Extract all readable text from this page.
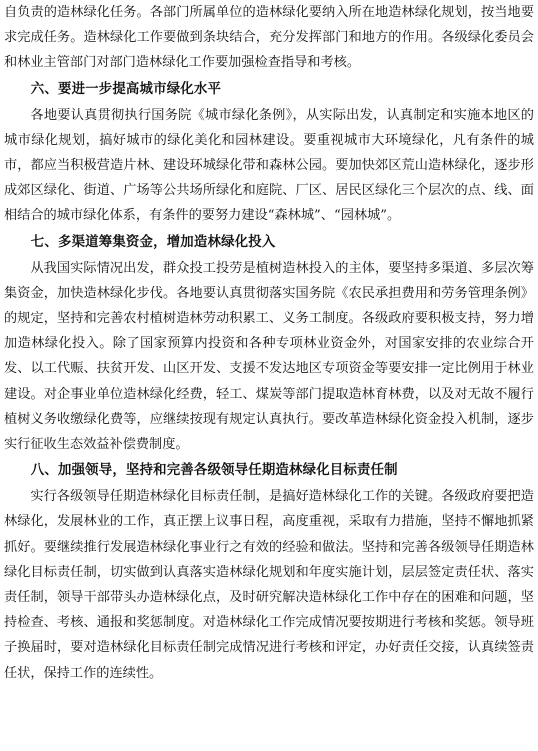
自负责的造林绿化任务。各部门所属单位的造林绿化要纳入所在地造林绿化规划，按当地要求完成任务。造林绿化工作要做到条块结合，充分发挥部门和地方的作用。各级绿化委员会和林业主管部门对部门造林绿化工作要加强检查指导和考核。

六、要进一步提高城市绿化水平

各地要认真贯彻执行国务院《城市绿化条例》，从实际出发，认真制定和实施本地区的城市绿化规划，搞好城市的绿化美化和园林建设。要重视城市大环境绿化，凡有条件的城市，都应当积极营造片林、建设环城绿化带和森林公园。要加快郊区荒山造林绿化，逐步形成郊区绿化、街道、广场等公共场所绿化和庭院、厂区、居民区绿化三个层次的点、线、面相结合的城市绿化体系，有条件的要努力建设“森林城”、“园林城”。

七、多渠道筹集资金，增加造林绿化投入

从我国实际情况出发，群众投工投劳是植树造林投入的主体，要坚持多渠道、多层次筹集资金，加快造林绿化步伐。各地要认真贯彻落实国务院《农民承担费用和劳务管理条例》的规定，坚持和完善农村植树造林劳动积累工、义务工制度。各级政府要积极支持，努力增加造林绿化投入。除了国家预算内投资和各种专项林业资金外，对国家安排的农业综合开发、以工代赈、扶贫开发、山区开发、支援不发达地区专项资金等要安排一定比例用于林业建设。对企事业单位造林绿化经费，轻工、煤炭等部门提取造林育林费，以及对无故不履行植树义务收缴绿化费等，应继续按现有规定认真执行。要改革造林绿化资金投入机制，逐步实行征收生态效益补偿费制度。

八、加强领导，坚持和完善各级领导任期造林绿化目标责任制

实行各级领导任期造林绿化目标责任制，是搞好造林绿化工作的关键。各级政府要把造林绿化，发展林业的工作，真正摆上议事日程，高度重视，采取有力措施，坚持不懈地抓紧抓好。要继续推行发展造林绿化事业行之有效的经验和做法。坚持和完善各级领导任期造林绿化目标责任制，切实做到认真落实造林绿化规划和年度实施计划，层层签定责任状、落实责任制，领导干部带头办造林绿化点，及时研究解决造林绿化工作中存在的困难和问题，坚持检查、考核、通报和奖惩制度。对造林绿化工作完成情况要按期进行考核和奖惩。领导班子换届时，要对造林绿化目标责任制完成情况进行考核和评定，办好责任交接，认真续签责任状，保持工作的连续性。
